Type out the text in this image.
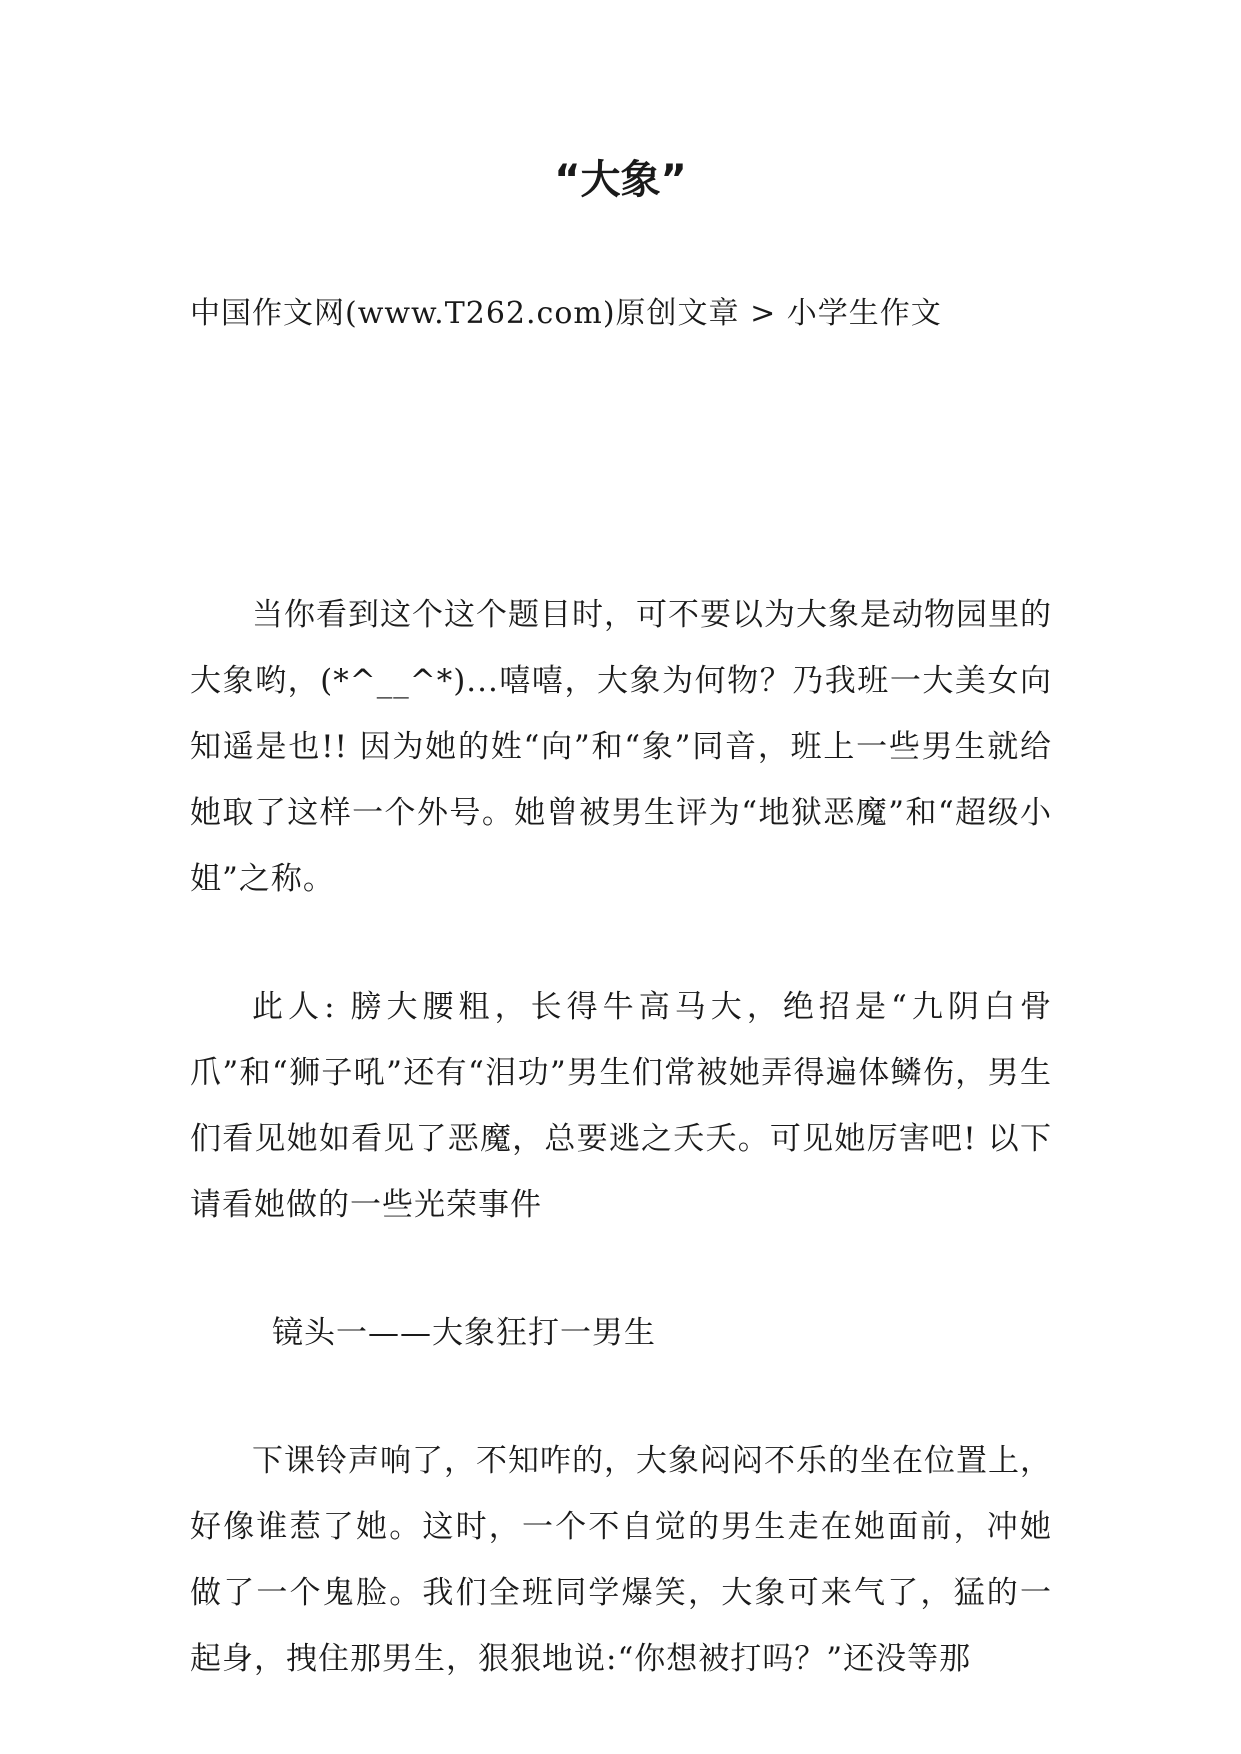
“大象”
中国作文网(www.T262.com)原创文章 > 小学生作文

当你看到这个这个题目时，可不要以为大象是动物园里的大象哟，(*^__^*)...嘻嘻，大象为何物？乃我班一大美女向知遥是也!! 因为她的姓“向”和“象”同音，班上一些男生就给她取了这样一个外号。她曾被男生评为“地狱恶魔”和“超级小姐”之称。

此人: 膀大腰粗，长得牛高马大，绝招是“九阴白骨爪”和“狮子吼”还有“泪功”男生们常被她弄得遍体鳞伤，男生们看见她如看见了恶魔，总要逃之夭夭。可见她厉害吧! 以下请看她做的一些光荣事件

镜头一——大象狂打一男生

下课铃声响了，不知咋的，大象闷闷不乐的坐在位置上，好像谁惹了她。这时，一个不自觉的男生走在她面前，冲她做了一个鬼脸。我们全班同学爆笑，大象可来气了，猛的一起身，拽住那男生，狠狠地说:“你想被打吗？”还没等那
